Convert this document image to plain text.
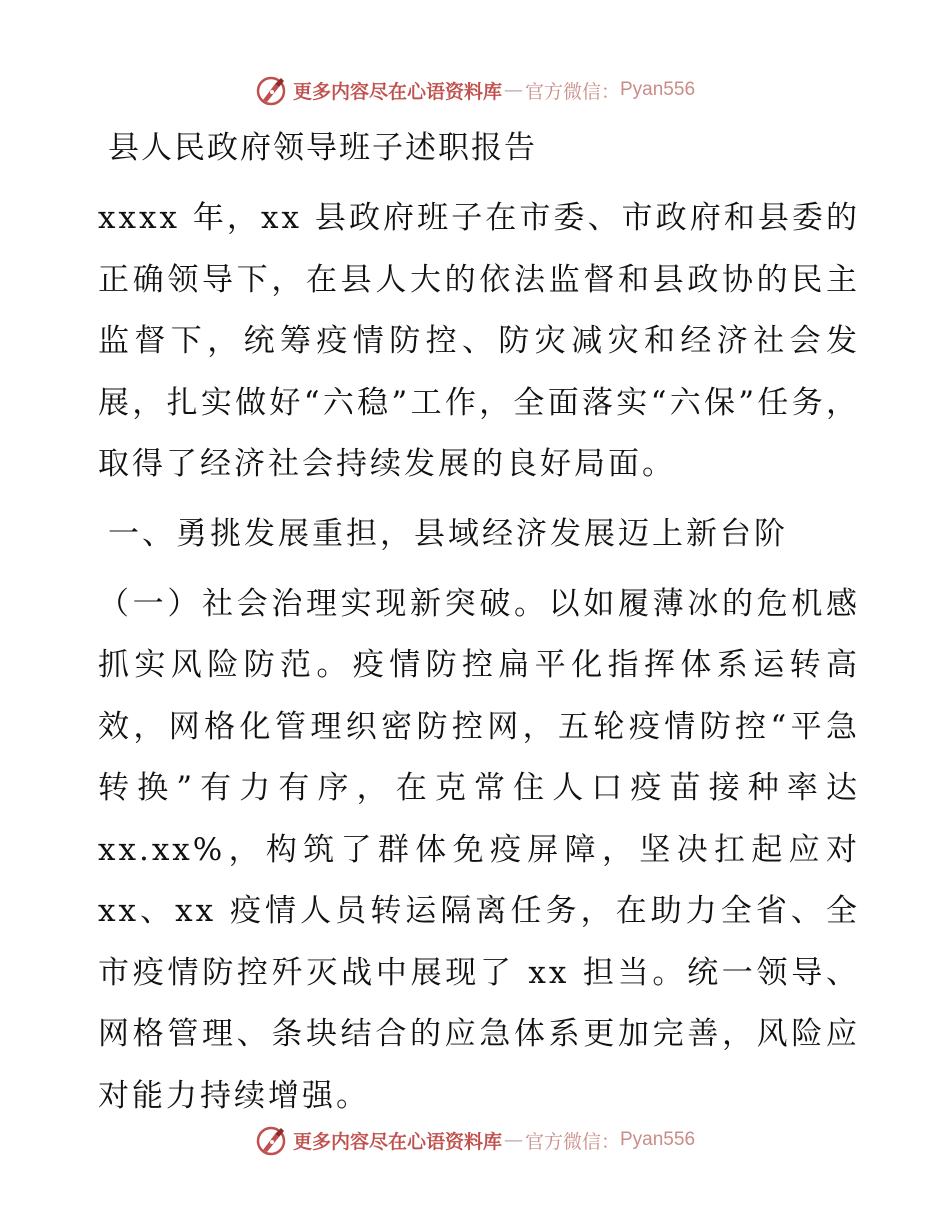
更多内容尽在心语资料库 — 官方微信： Pyan556
县人民政府领导班子述职报告

xxxx 年，xx 县政府班子在市委、市政府和县委的正确领导下，在县人大的依法监督和县政协的民主监督下，统筹疫情防控、防灾减灾和经济社会发展，扎实做好“六稳”工作，全面落实“六保”任务，取得了经济社会持续发展的良好局面。

一、勇挑发展重担，县域经济发展迈上新台阶

（一）社会治理实现新突破。以如履薄冰的危机感抓实风险防范。疫情防控扁平化指挥体系运转高效，网格化管理织密防控网，五轮疫情防控“平急转换”有力有序，在克常住人口疫苗接种率达 xx.xx%，构筑了群体免疫屏障，坚决扛起应对 xx、xx 疫情人员转运隔离任务，在助力全省、全市疫情防控歼灭战中展现了 xx 担当。统一领导、网格管理、条块结合的应急体系更加完善，风险应对能力持续增强。

更多内容尽在心语资料库 — 官方微信： Pyan556
